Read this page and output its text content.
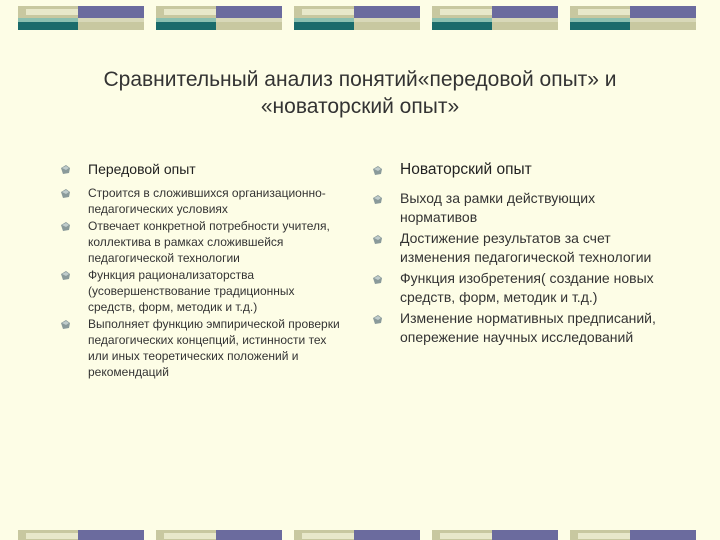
Сравнительный анализ понятий«передовой опыт» и «новаторский опыт»
Передовой опыт
Строится в сложившихся организационно-педагогических условиях
Отвечает конкретной потребности учителя, коллектива в рамках сложившейся педагогической технологии
Функция рационализаторства (усовершенствование традиционных средств, форм, методик и т.д.)
Выполняет функцию эмпирической проверки педагогических концепций, истинности тех или иных теоретических положений и рекомендаций
Новаторский опыт
Выход за рамки действующих нормативов
Достижение результатов за счет изменения педагогической технологии
Функция изобретения( создание новых средств, форм, методик и т.д.)
Изменение нормативных предписаний, опережение научных исследований
